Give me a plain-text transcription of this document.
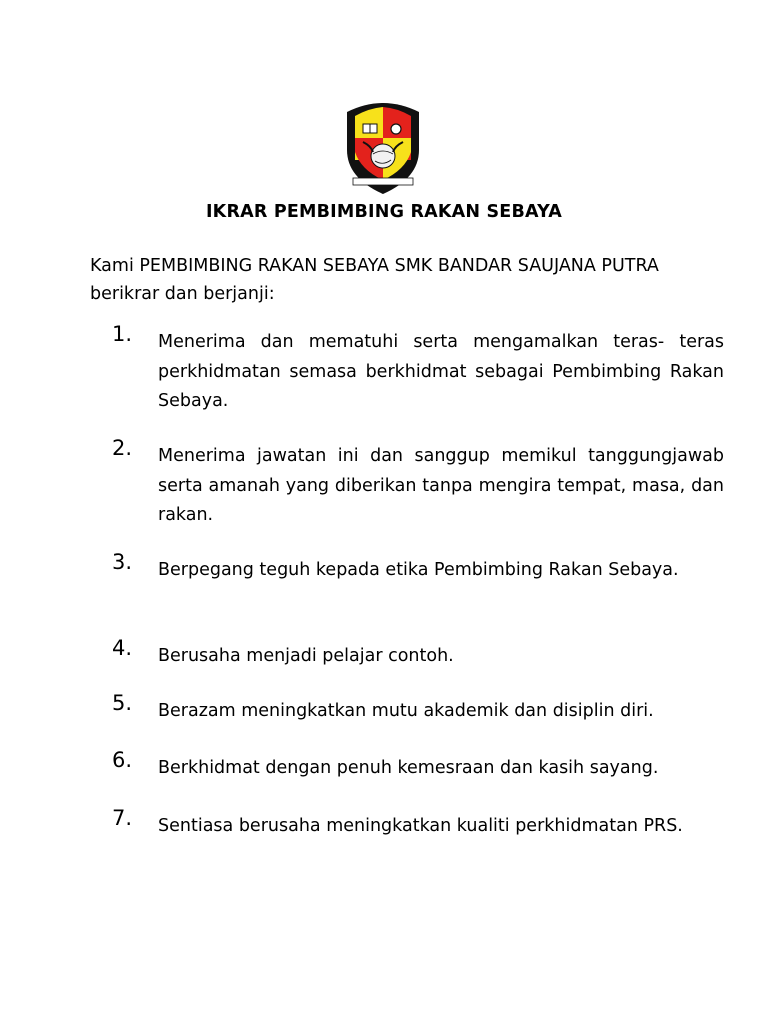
IKRAR PEMBIMBING RAKAN SEBAYA
Kami PEMBIMBING RAKAN SEBAYA SMK BANDAR SAUJANA PUTRA berikrar dan berjanji:
1. Menerima dan mematuhi serta mengamalkan teras- teras perkhidmatan semasa berkhidmat sebagai Pembimbing Rakan Sebaya.
2. Menerima jawatan ini dan sanggup memikul tanggungjawab serta amanah yang diberikan tanpa mengira tempat, masa, dan rakan.
3. Berpegang teguh kepada etika Pembimbing Rakan Sebaya.
4. Berusaha menjadi pelajar contoh.
5. Berazam meningkatkan mutu akademik dan disiplin diri.
6. Berkhidmat dengan penuh kemesraan dan kasih sayang.
7. Sentiasa berusaha meningkatkan kualiti perkhidmatan PRS.
